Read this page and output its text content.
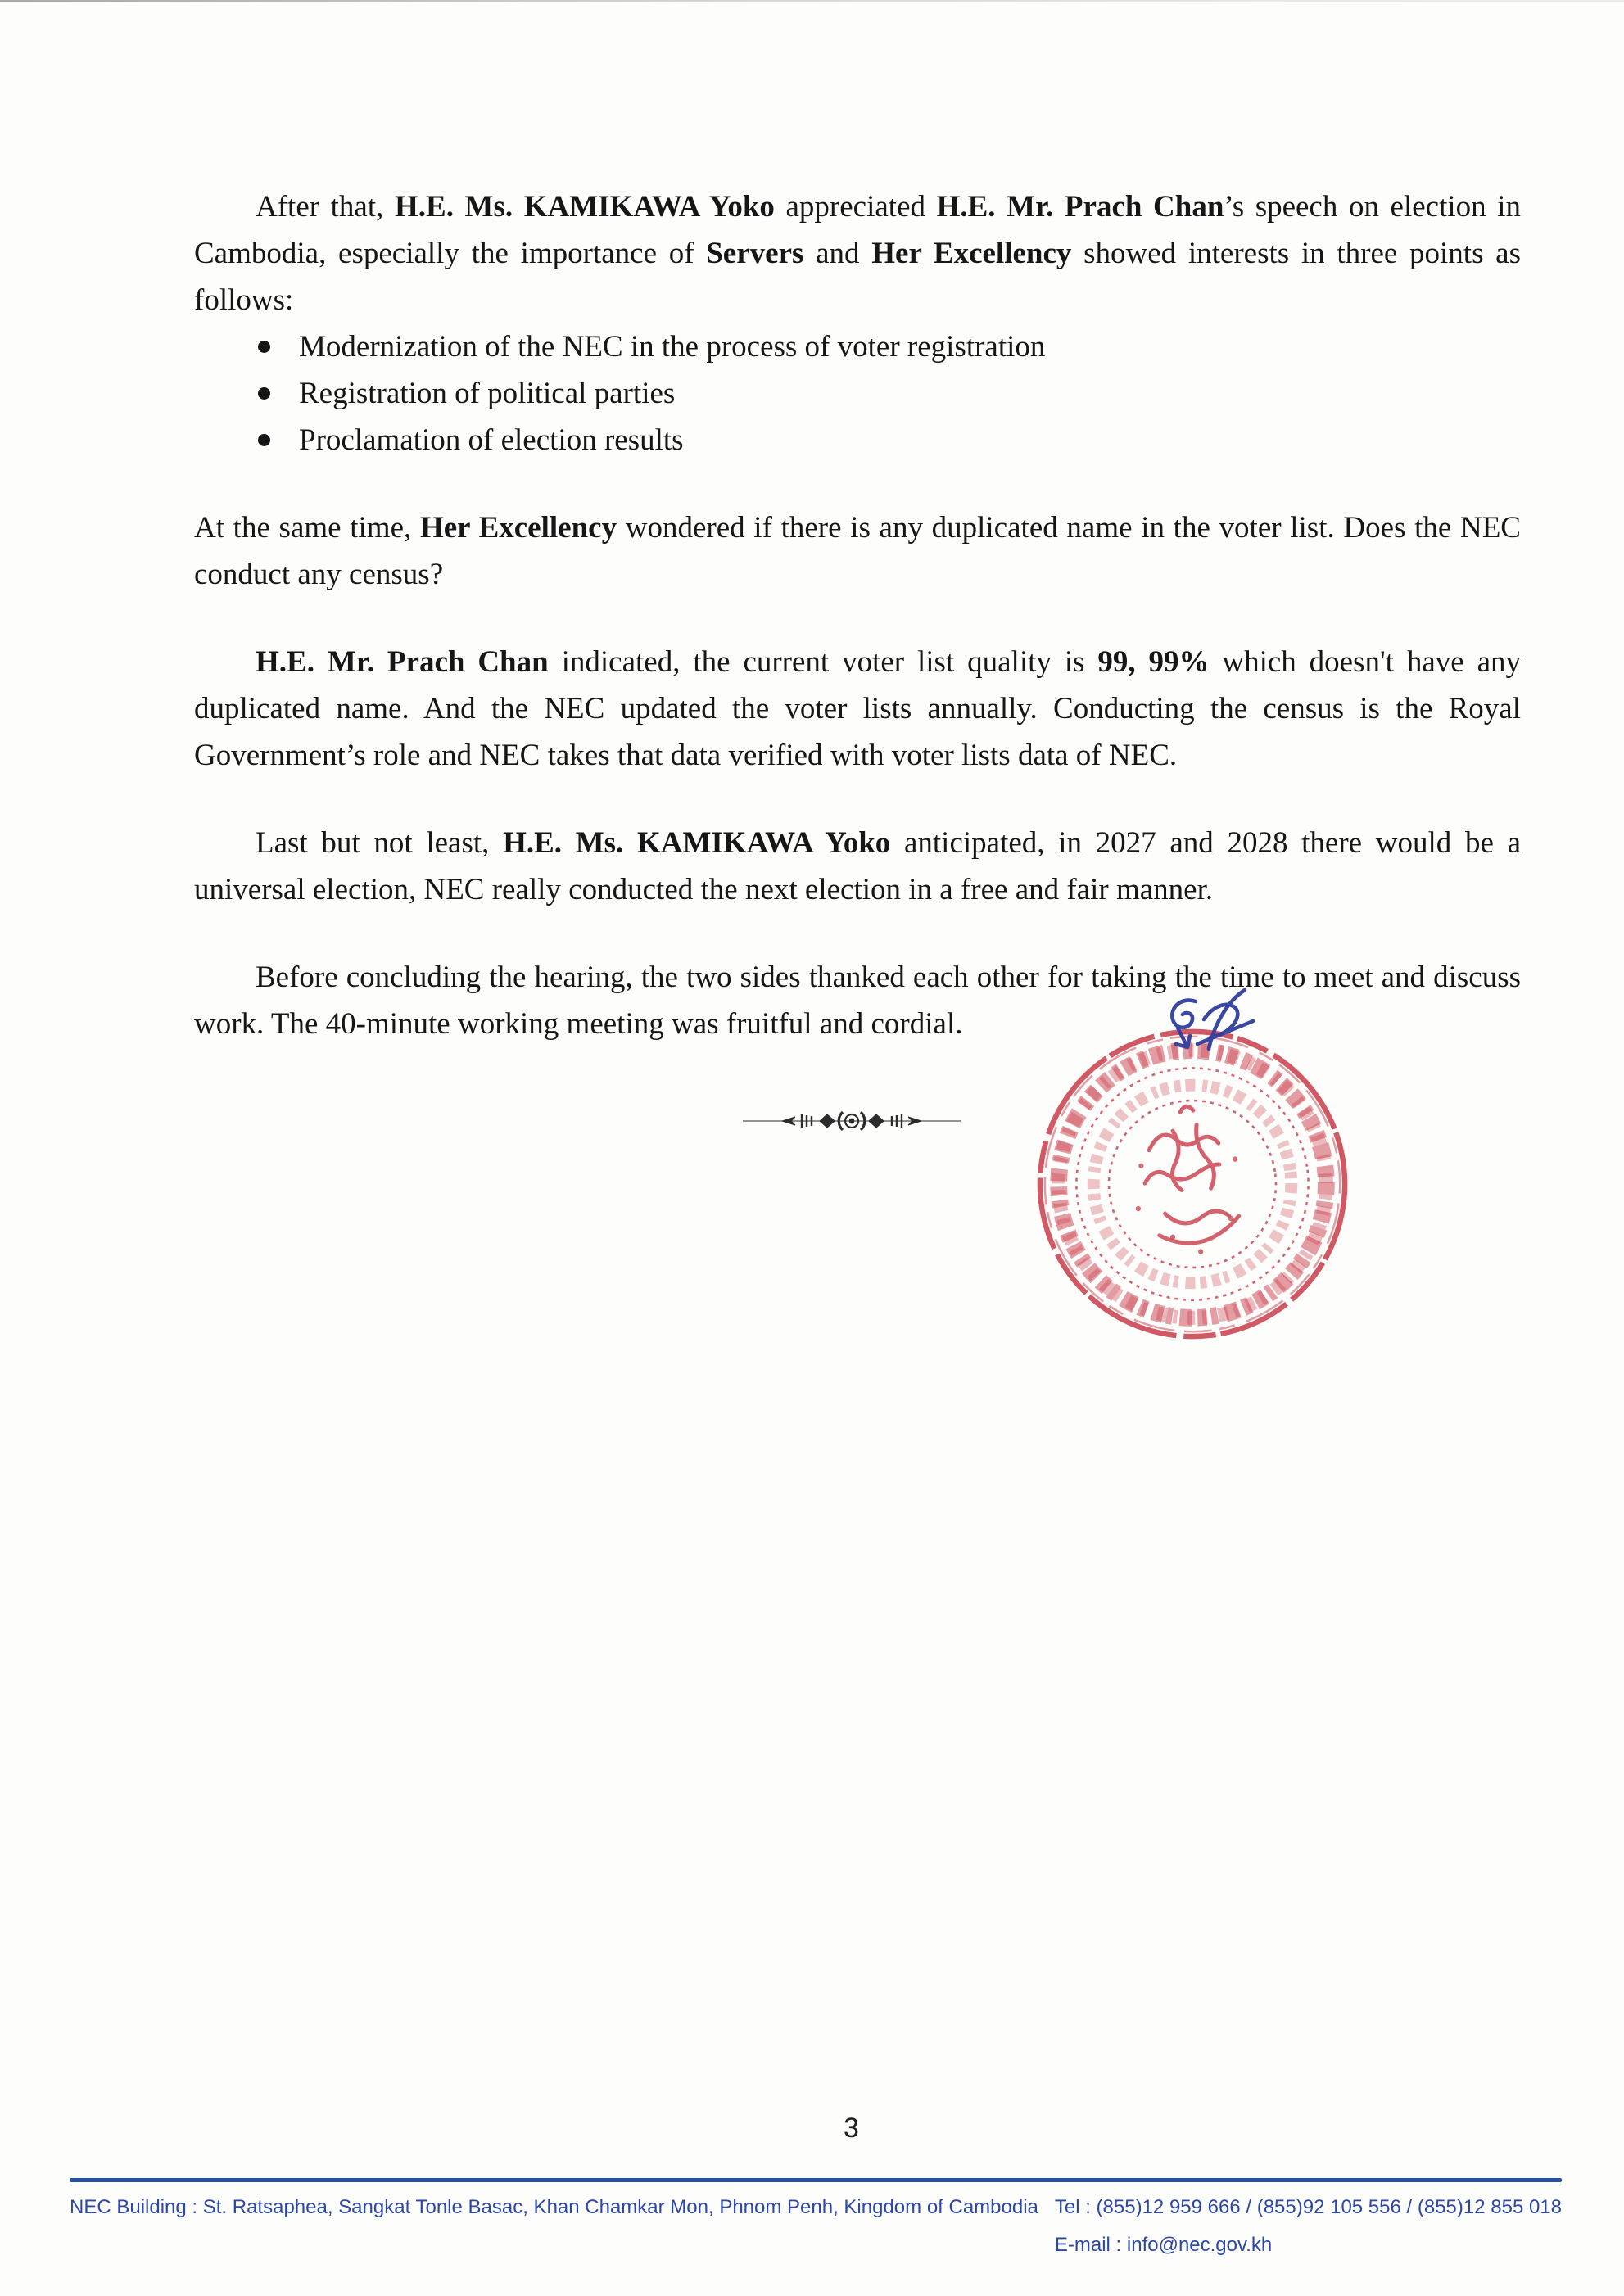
After that, H.E. Ms. KAMIKAWA Yoko appreciated H.E. Mr. Prach Chan’s speech on election in Cambodia, especially the importance of Servers and Her Excellency showed interests in three points as follows:

Modernization of the NEC in the process of voter registration
Registration of political parties
Proclamation of election results

At the same time, Her Excellency wondered if there is any duplicated name in the voter list. Does the NEC conduct any census?

H.E. Mr. Prach Chan indicated, the current voter list quality is 99, 99% which doesn't have any duplicated name. And the NEC updated the voter lists annually. Conducting the census is the Royal Government’s role and NEC takes that data verified with voter lists data of NEC.

Last but not least, H.E. Ms. KAMIKAWA Yoko anticipated, in 2027 and 2028 there would be a universal election, NEC really conducted the next election in a free and fair manner.

Before concluding the hearing, the two sides thanked each other for taking the time to meet and discuss work. The 40-minute working meeting was fruitful and cordial.

3
NEC Building : St. Ratsaphea, Sangkat Tonle Basac, Khan Chamkar Mon, Phnom Penh, Kingdom of Cambodia Tel : (855)12 959 666 / (855)92 105 556 / (855)12 855 018
E-mail : info@nec.gov.kh
